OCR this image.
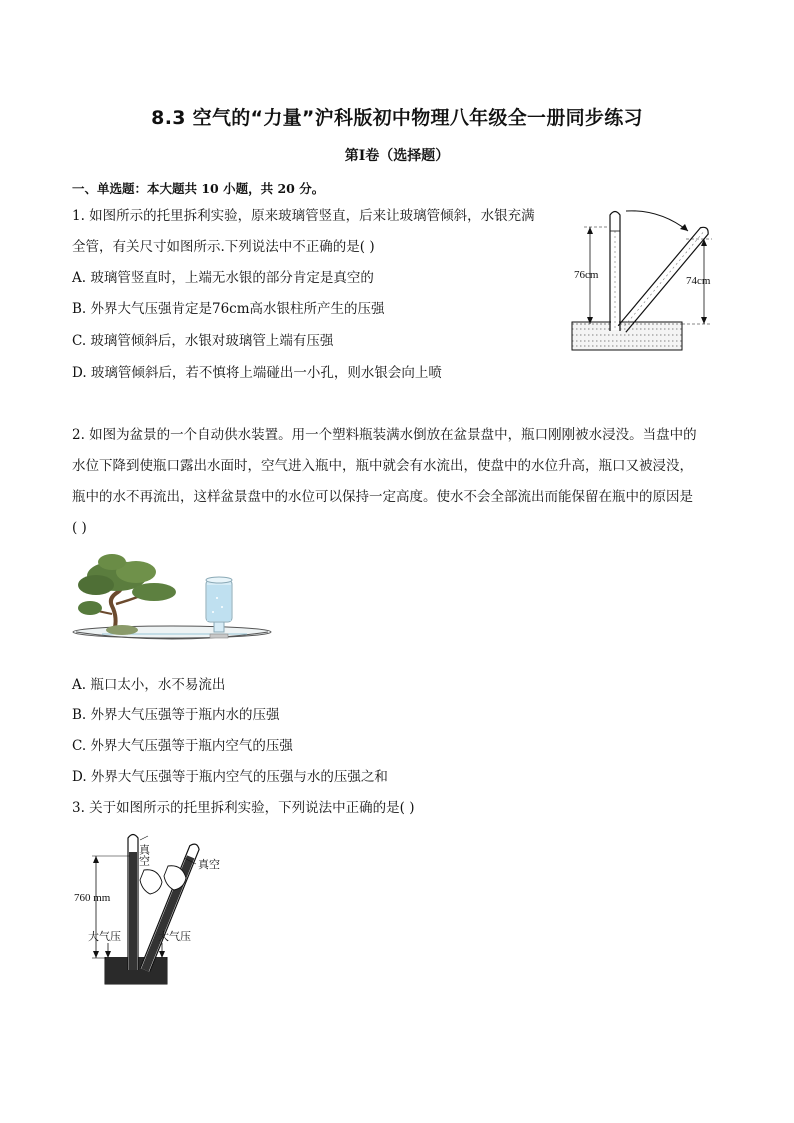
8.3 空气的“力量”沪科版初中物理八年级全一册同步练习
第Ⅰ卷（选择题）
一、单选题：本大题共 10 小题，共 20 分。
1. 如图所示的托里拆利实验，原来玻璃管竖直，后来让玻璃管倾斜，水银充满
全管，有关尺寸如图所示.下列说法中不正确的是( )
A. 玻璃管竖直时，上端无水银的部分肯定是真空的
B. 外界大气压强肯定是76cm高水银柱所产生的压强
C. 玻璃管倾斜后，水银对玻璃管上端有压强
D. 玻璃管倾斜后，若不慎将上端碰出一小孔，则水银会向上喷
76cm	74cm
2. 如图为盆景的一个自动供水装置。用一个塑料瓶装满水倒放在盆景盘中，瓶口刚刚被水浸没。当盘中的
水位下降到使瓶口露出水面时，空气进入瓶中，瓶中就会有水流出，使盘中的水位升高，瓶口又被浸没，
瓶中的水不再流出，这样盆景盘中的水位可以保持一定高度。使水不会全部流出而能保留在瓶中的原因是
( )
A. 瓶口太小，水不易流出
B. 外界大气压强等于瓶内水的压强
C. 外界大气压强等于瓶内空气的压强
D. 外界大气压强等于瓶内空气的压强与水的压强之和
3. 关于如图所示的托里拆利实验，下列说法中正确的是( )
760 mm
真空	真空
大气压	大气压
